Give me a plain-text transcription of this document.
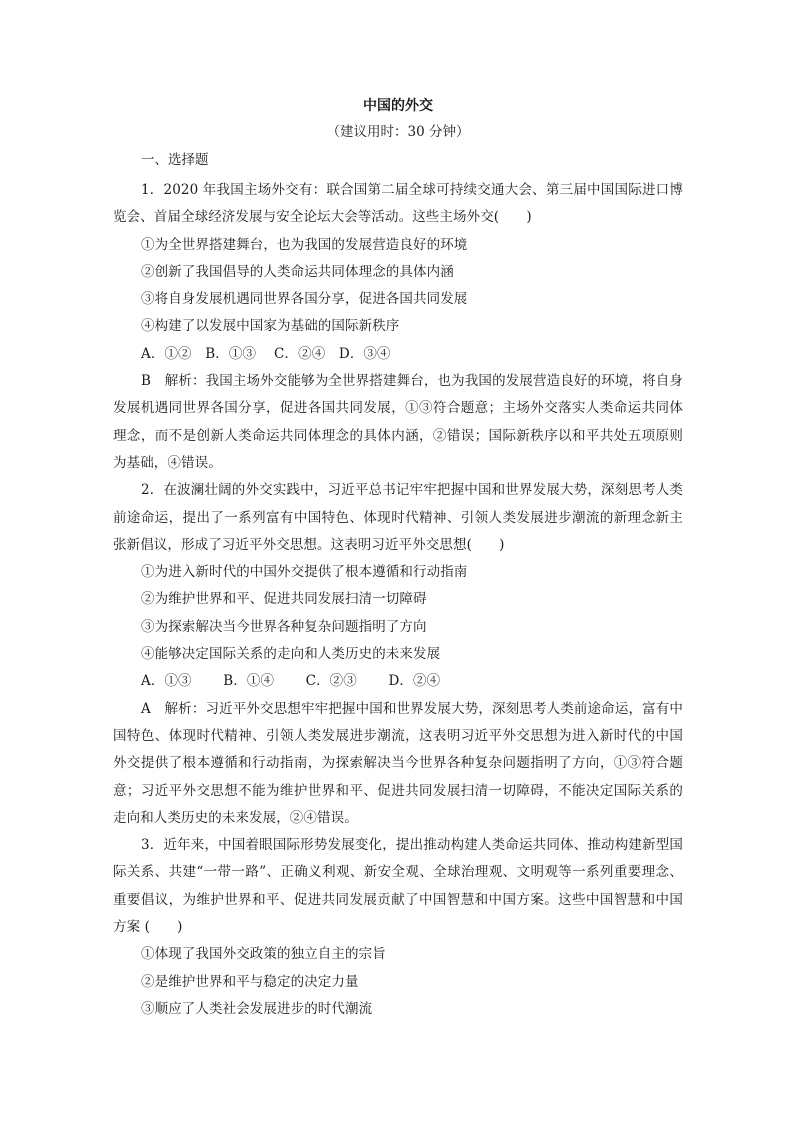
中国的外交
（建议用时：30 分钟）
一、选择题

1．2020 年我国主场外交有：联合国第二届全球可持续交通大会、第三届中国国际进口博览会、首届全球经济发展与安全论坛大会等活动。这些主场外交(　　)

①为全世界搭建舞台，也为我国的发展营造良好的环境

②创新了我国倡导的人类命运共同体理念的具体内涵

③将自身发展机遇同世界各国分享，促进各国共同发展

④构建了以发展中国家为基础的国际新秩序

A．①②　B．①③　 C．②④　D．③④

B　解析：我国主场外交能够为全世界搭建舞台，也为我国的发展营造良好的环境，将自身发展机遇同世界各国分享，促进各国共同发展，①③符合题意；主场外交落实人类命运共同体理念，而不是创新人类命运共同体理念的具体内涵，②错误；国际新秩序以和平共处五项原则为基础，④错误。

2．在波澜壮阔的外交实践中，习近平总书记牢牢把握中国和世界发展大势，深刻思考人类前途命运，提出了一系列富有中国特色、体现时代精神、引领人类发展进步潮流的新理念新主张新倡议，形成了习近平外交思想。这表明习近平外交思想(　　)

①为进入新时代的中国外交提供了根本遵循和行动指南

②为维护世界和平、促进共同发展扫清一切障碍

③为探索解决当今世界各种复杂问题指明了方向

④能够决定国际关系的走向和人类历史的未来发展

A．①③　　 B．①④　　 C．②③　　 D．②④

A　解析：习近平外交思想牢牢把握中国和世界发展大势，深刻思考人类前途命运，富有中国特色、体现时代精神、引领人类发展进步潮流，这表明习近平外交思想为进入新时代的中国外交提供了根本遵循和行动指南，为探索解决当今世界各种复杂问题指明了方向，①③符合题意；习近平外交思想不能为维护世界和平、促进共同发展扫清一切障碍，不能决定国际关系的走向和人类历史的未来发展，②④错误。

3．近年来，中国着眼国际形势发展变化，提出推动构建人类命运共同体、推动构建新型国际关系、共建“一带一路”、正确义利观、新安全观、全球治理观、文明观等一系列重要理念、重要倡议，为维护世界和平、促进共同发展贡献了中国智慧和中国方案。这些中国智慧和中国方案 (　　)

①体现了我国外交政策的独立自主的宗旨

②是维护世界和平与稳定的决定力量

③顺应了人类社会发展进步的时代潮流
